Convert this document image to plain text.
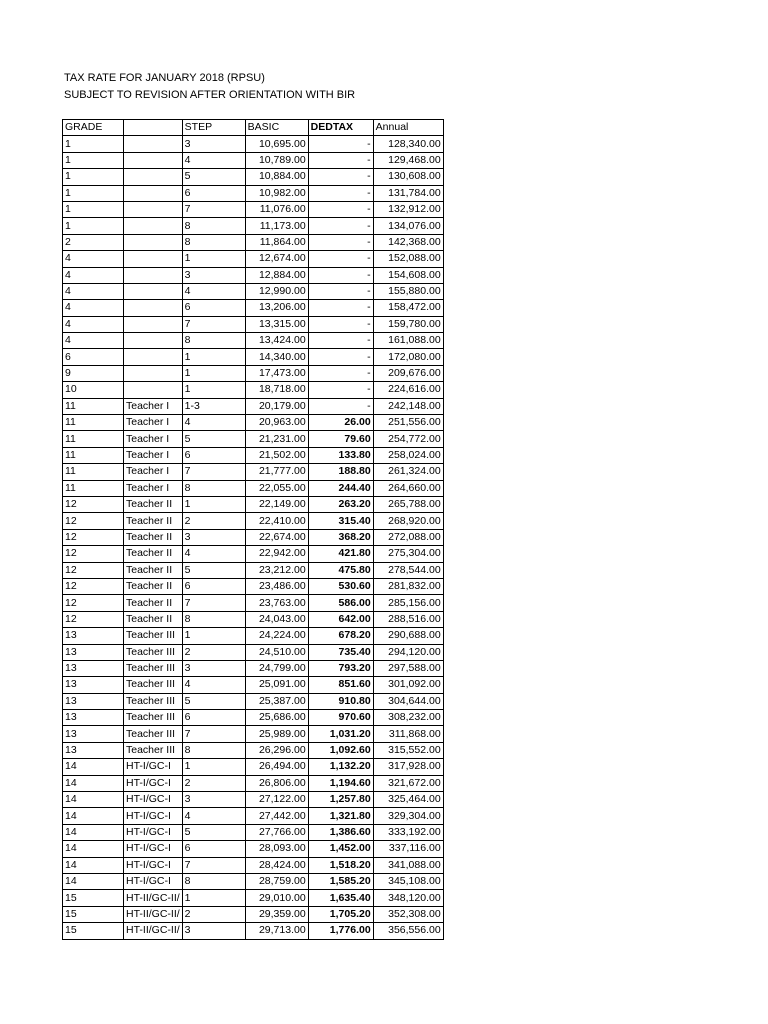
TAX RATE FOR JANUARY 2018 (RPSU)
SUBJECT TO REVISION AFTER ORIENTATION WITH BIR
GRADE		STEP	BASIC	DEDTAX	Annual
1		3	10,695.00	-	128,340.00
1		4	10,789.00	-	129,468.00
1		5	10,884.00	-	130,608.00
1		6	10,982.00	-	131,784.00
1		7	11,076.00	-	132,912.00
1		8	11,173.00	-	134,076.00
2		8	11,864.00	-	142,368.00
4		1	12,674.00	-	152,088.00
4		3	12,884.00	-	154,608.00
4		4	12,990.00	-	155,880.00
4		6	13,206.00	-	158,472.00
4		7	13,315.00	-	159,780.00
4		8	13,424.00	-	161,088.00
6		1	14,340.00	-	172,080.00
9		1	17,473.00	-	209,676.00
10		1	18,718.00	-	224,616.00
11	Teacher I	1-3	20,179.00	-	242,148.00
11	Teacher I	4	20,963.00	26.00	251,556.00
11	Teacher I	5	21,231.00	79.60	254,772.00
11	Teacher I	6	21,502.00	133.80	258,024.00
11	Teacher I	7	21,777.00	188.80	261,324.00
11	Teacher I	8	22,055.00	244.40	264,660.00
12	Teacher II	1	22,149.00	263.20	265,788.00
12	Teacher II	2	22,410.00	315.40	268,920.00
12	Teacher II	3	22,674.00	368.20	272,088.00
12	Teacher II	4	22,942.00	421.80	275,304.00
12	Teacher II	5	23,212.00	475.80	278,544.00
12	Teacher II	6	23,486.00	530.60	281,832.00
12	Teacher II	7	23,763.00	586.00	285,156.00
12	Teacher II	8	24,043.00	642.00	288,516.00
13	Teacher III	1	24,224.00	678.20	290,688.00
13	Teacher III	2	24,510.00	735.40	294,120.00
13	Teacher III	3	24,799.00	793.20	297,588.00
13	Teacher III	4	25,091.00	851.60	301,092.00
13	Teacher III	5	25,387.00	910.80	304,644.00
13	Teacher III	6	25,686.00	970.60	308,232.00
13	Teacher III	7	25,989.00	1,031.20	311,868.00
13	Teacher III	8	26,296.00	1,092.60	315,552.00
14	HT-I/GC-I	1	26,494.00	1,132.20	317,928.00
14	HT-I/GC-I	2	26,806.00	1,194.60	321,672.00
14	HT-I/GC-I	3	27,122.00	1,257.80	325,464.00
14	HT-I/GC-I	4	27,442.00	1,321.80	329,304.00
14	HT-I/GC-I	5	27,766.00	1,386.60	333,192.00
14	HT-I/GC-I	6	28,093.00	1,452.00	337,116.00
14	HT-I/GC-I	7	28,424.00	1,518.20	341,088.00
14	HT-I/GC-I	8	28,759.00	1,585.20	345,108.00
15	HT-II/GC-II/	1	29,010.00	1,635.40	348,120.00
15	HT-II/GC-II/	2	29,359.00	1,705.20	352,308.00
15	HT-II/GC-II/	3	29,713.00	1,776.00	356,556.00
